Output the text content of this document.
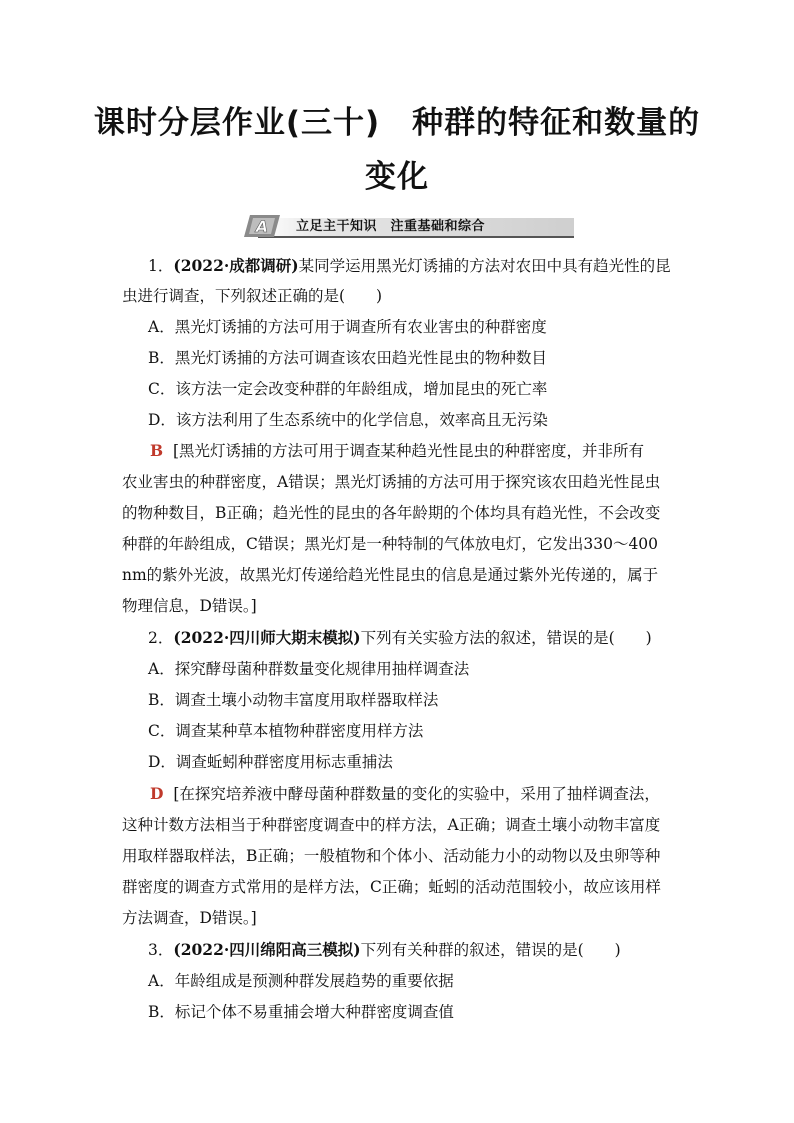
课时分层作业(三十)　种群的特征和数量的
变化
A 立足主干知识　注重基础和综合
1．(2022·成都调研)某同学运用黑光灯诱捕的方法对农田中具有趋光性的昆
虫进行调查，下列叙述正确的是(　　)
A．黑光灯诱捕的方法可用于调查所有农业害虫的种群密度
B．黑光灯诱捕的方法可调查该农田趋光性昆虫的物种数目
C．该方法一定会改变种群的年龄组成，增加昆虫的死亡率
D．该方法利用了生态系统中的化学信息，效率高且无污染
B [黑光灯诱捕的方法可用于调查某种趋光性昆虫的种群密度，并非所有
农业害虫的种群密度，A错误；黑光灯诱捕的方法可用于探究该农田趋光性昆虫
的物种数目，B正确；趋光性的昆虫的各年龄期的个体均具有趋光性，不会改变
种群的年龄组成，C错误；黑光灯是一种特制的气体放电灯，它发出330～400
nm的紫外光波，故黑光灯传递给趋光性昆虫的信息是通过紫外光传递的，属于
物理信息，D错误。]
2．(2022·四川师大期末模拟)下列有关实验方法的叙述，错误的是(　　)
A．探究酵母菌种群数量变化规律用抽样调查法
B．调查土壤小动物丰富度用取样器取样法
C．调查某种草本植物种群密度用样方法
D．调查蚯蚓种群密度用标志重捕法
D [在探究培养液中酵母菌种群数量的变化的实验中，采用了抽样调查法，
这种计数方法相当于种群密度调查中的样方法，A正确；调查土壤小动物丰富度
用取样器取样法，B正确；一般植物和个体小、活动能力小的动物以及虫卵等种
群密度的调查方式常用的是样方法，C正确；蚯蚓的活动范围较小，故应该用样
方法调查，D错误。]
3．(2022·四川绵阳高三模拟)下列有关种群的叙述，错误的是(　　)
A．年龄组成是预测种群发展趋势的重要依据
B．标记个体不易重捕会增大种群密度调查值
